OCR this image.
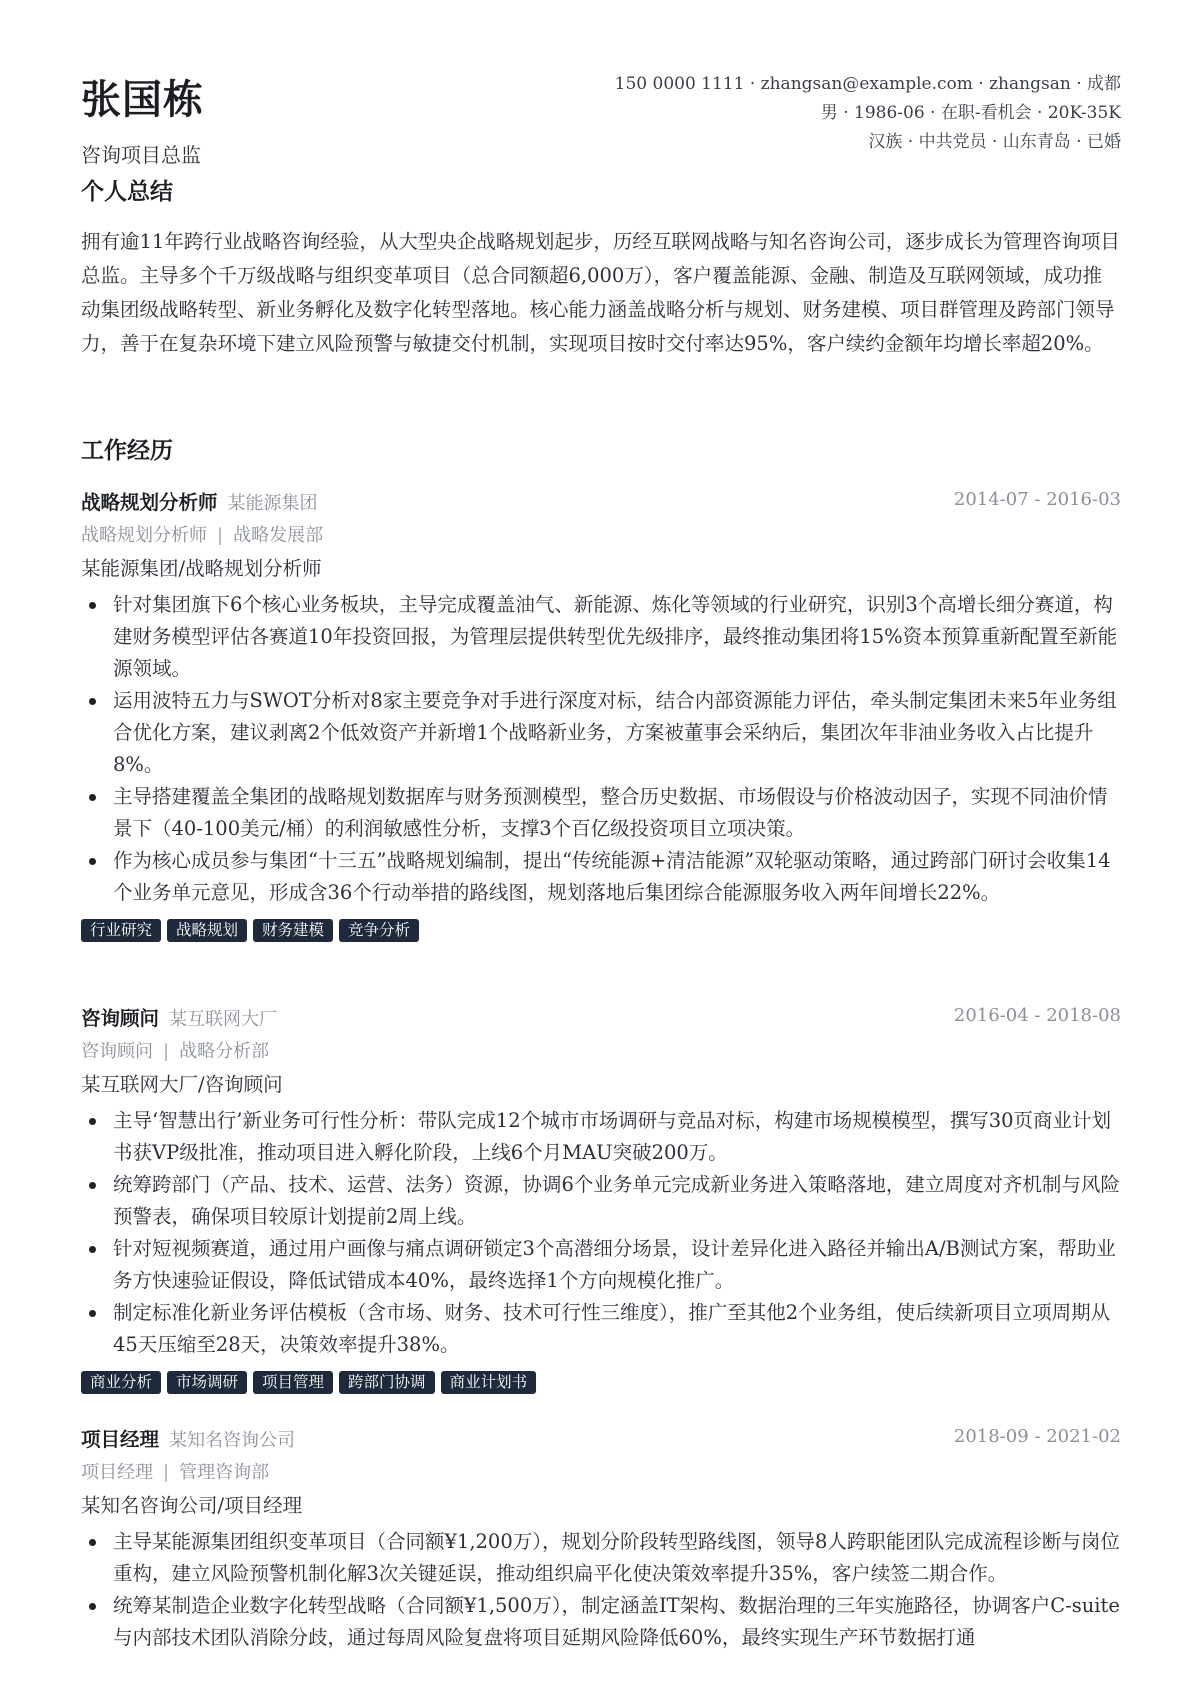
张国栋
咨询项目总监
150 0000 1111 · zhangsan@example.com · zhangsan · 成都
男 · 1986-06 · 在职-看机会 · 20K-35K
汉族 · 中共党员 · 山东青岛 · 已婚
个人总结
拥有逾11年跨行业战略咨询经验，从大型央企战略规划起步，历经互联网战略与知名咨询公司，逐步成长为管理咨询项目总监。主导多个千万级战略与组织变革项目（总合同额超6,000万），客户覆盖能源、金融、制造及互联网领域，成功推动集团级战略转型、新业务孵化及数字化转型落地。核心能力涵盖战略分析与规划、财务建模、项目群管理及跨部门领导力，善于在复杂环境下建立风险预警与敏捷交付机制，实现项目按时交付率达95%，客户续约金额年均增长率超20%。
工作经历
战略规划分析师 某能源集团	2014-07 - 2016-03
战略规划分析师 | 战略发展部
某能源集团/战略规划分析师
针对集团旗下6个核心业务板块，主导完成覆盖油气、新能源、炼化等领域的行业研究，识别3个高增长细分赛道，构建财务模型评估各赛道10年投资回报，为管理层提供转型优先级排序，最终推动集团将15%资本预算重新配置至新能源领域。
运用波特五力与SWOT分析对8家主要竞争对手进行深度对标，结合内部资源能力评估，牵头制定集团未来5年业务组合优化方案，建议剥离2个低效资产并新增1个战略新业务，方案被董事会采纳后，集团次年非油业务收入占比提升8%。
主导搭建覆盖全集团的战略规划数据库与财务预测模型，整合历史数据、市场假设与价格波动因子，实现不同油价情景下（40-100美元/桶）的利润敏感性分析，支撑3个百亿级投资项目立项决策。
作为核心成员参与集团“十三五”战略规划编制，提出“传统能源+清洁能源”双轮驱动策略，通过跨部门研讨会收集14个业务单元意见，形成含36个行动举措的路线图，规划落地后集团综合能源服务收入两年间增长22%。
行业研究	战略规划	财务建模	竞争分析
咨询顾问 某互联网大厂	2016-04 - 2018-08
咨询顾问 | 战略分析部
某互联网大厂/咨询顾问
主导‘智慧出行’新业务可行性分析：带队完成12个城市市场调研与竞品对标，构建市场规模模型，撰写30页商业计划书获VP级批准，推动项目进入孵化阶段，上线6个月MAU突破200万。
统筹跨部门（产品、技术、运营、法务）资源，协调6个业务单元完成新业务进入策略落地，建立周度对齐机制与风险预警表，确保项目较原计划提前2周上线。
针对短视频赛道，通过用户画像与痛点调研锁定3个高潜细分场景，设计差异化进入路径并输出A/B测试方案，帮助业务方快速验证假设，降低试错成本40%，最终选择1个方向规模化推广。
制定标准化新业务评估模板（含市场、财务、技术可行性三维度），推广至其他2个业务组，使后续新项目立项周期从45天压缩至28天，决策效率提升38%。
商业分析	市场调研	项目管理	跨部门协调	商业计划书
项目经理 某知名咨询公司	2018-09 - 2021-02
项目经理 | 管理咨询部
某知名咨询公司/项目经理
主导某能源集团组织变革项目（合同额¥1,200万），规划分阶段转型路线图，领导8人跨职能团队完成流程诊断与岗位重构，建立风险预警机制化解3次关键延误，推动组织扁平化使决策效率提升35%，客户续签二期合作。
统筹某制造企业数字化转型战略（合同额¥1,500万），制定涵盖IT架构、数据治理的三年实施路径，协调客户C-suite与内部技术团队消除分歧，通过每周风险复盘将项目延期风险降低60%，最终实现生产环节数据打通
